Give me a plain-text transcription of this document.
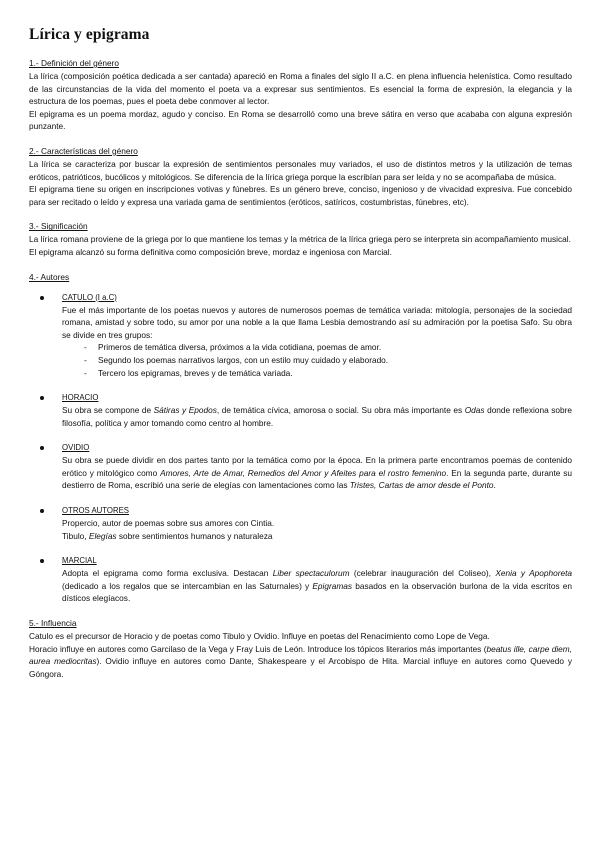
Lírica y epigrama
1.- Definición del género

La lírica (composición poética dedicada a ser cantada) apareció en Roma a finales del siglo II a.C. en plena influencia helenística. Como resultado de las circunstancias de la vida del momento el poeta va a expresar sus sentimientos. Es esencial la forma de expresión, la elegancia y la estructura de los poemas, pues el poeta debe conmover al lector.

El epigrama es un poema mordaz, agudo y conciso. En Roma se desarrolló como una breve sátira en verso que acababa con alguna expresión punzante.

2.- Características del género

La lírica se caracteriza por buscar la expresión de sentimientos personales muy variados, el uso de distintos metros y la utilización de temas eróticos, patrióticos, bucólicos y mitológicos. Se diferencia de la lírica griega porque la escribían para ser leída y no se acompañaba de música.

El epigrama tiene su origen en inscripciones votivas y fúnebres. Es un género breve, conciso, ingenioso y de vivacidad expresiva. Fue concebido para ser recitado o leído y expresa una variada gama de sentimientos (eróticos, satíricos, costumbristas, fúnebres, etc).

3.- Significación

La lírica romana proviene de la griega por lo que mantiene los temas y la métrica de la lírica griega pero se interpreta sin acompañamiento musical.

El epigrama alcanzó su forma definitiva como composición breve, mordaz e ingeniosa con Marcial.

4.- Autores
CATULO (I a.C)

Fue el más importante de los poetas nuevos y autores de numerosos poemas de temática variada: mitología, personajes de la sociedad romana, amistad y sobre todo, su amor por una noble a la que llama Lesbia demostrando así su admiración por la poetisa Safo. Su obra se divide en tres grupos:

- Primeros de temática diversa, próximos a la vida cotidiana, poemas de amor.
- Segundo los poemas narrativos largos, con un estilo muy cuidado y elaborado.
- Tercero los epigramas, breves y de temática variada.
HORACIO

Su obra se compone de Sátiras y Epodos, de temática cívica, amorosa o social. Su obra más importante es Odas donde reflexiona sobre filosofía, política y amor tomando como centro al hombre.

OVIDIO

Su obra se puede dividir en dos partes tanto por la temática como por la época. En la primera parte encontramos poemas de contenido erótico y mitológico como Amores, Arte de Amar, Remedios del Amor y Afeites para el rostro femenino. En la segunda parte, durante su destierro de Roma, escribió una serie de elegías con lamentaciones como las Tristes, Cartas de amor desde el Ponto.

OTROS AUTORES

Propercio, autor de poemas sobre sus amores con Cintia.

Tibulo, Elegías sobre sentimientos humanos y naturaleza

MARCIAL

Adopta el epigrama como forma exclusiva. Destacan Liber spectaculorum (celebrar inauguración del Coliseo), Xenia y Apophoreta (dedicado a los regalos que se intercambian en las Saturnales) y Epigramas basados en la observación burlona de la vida escritos en dísticos elegíacos.

5.- Influencia

Catulo es el precursor de Horacio y de poetas como Tibulo y Ovidio. Influye en poetas del Renacimiento como Lope de Vega.

Horacio influye en autores como Garcilaso de la Vega y Fray Luis de León. Introduce los tópicos literarios más importantes (beatus ille, carpe diem, aurea mediocritas). Ovidio influye en autores como Dante, Shakespeare y el Arcobispo de Hita. Marcial influye en autores como Quevedo y Góngora.
